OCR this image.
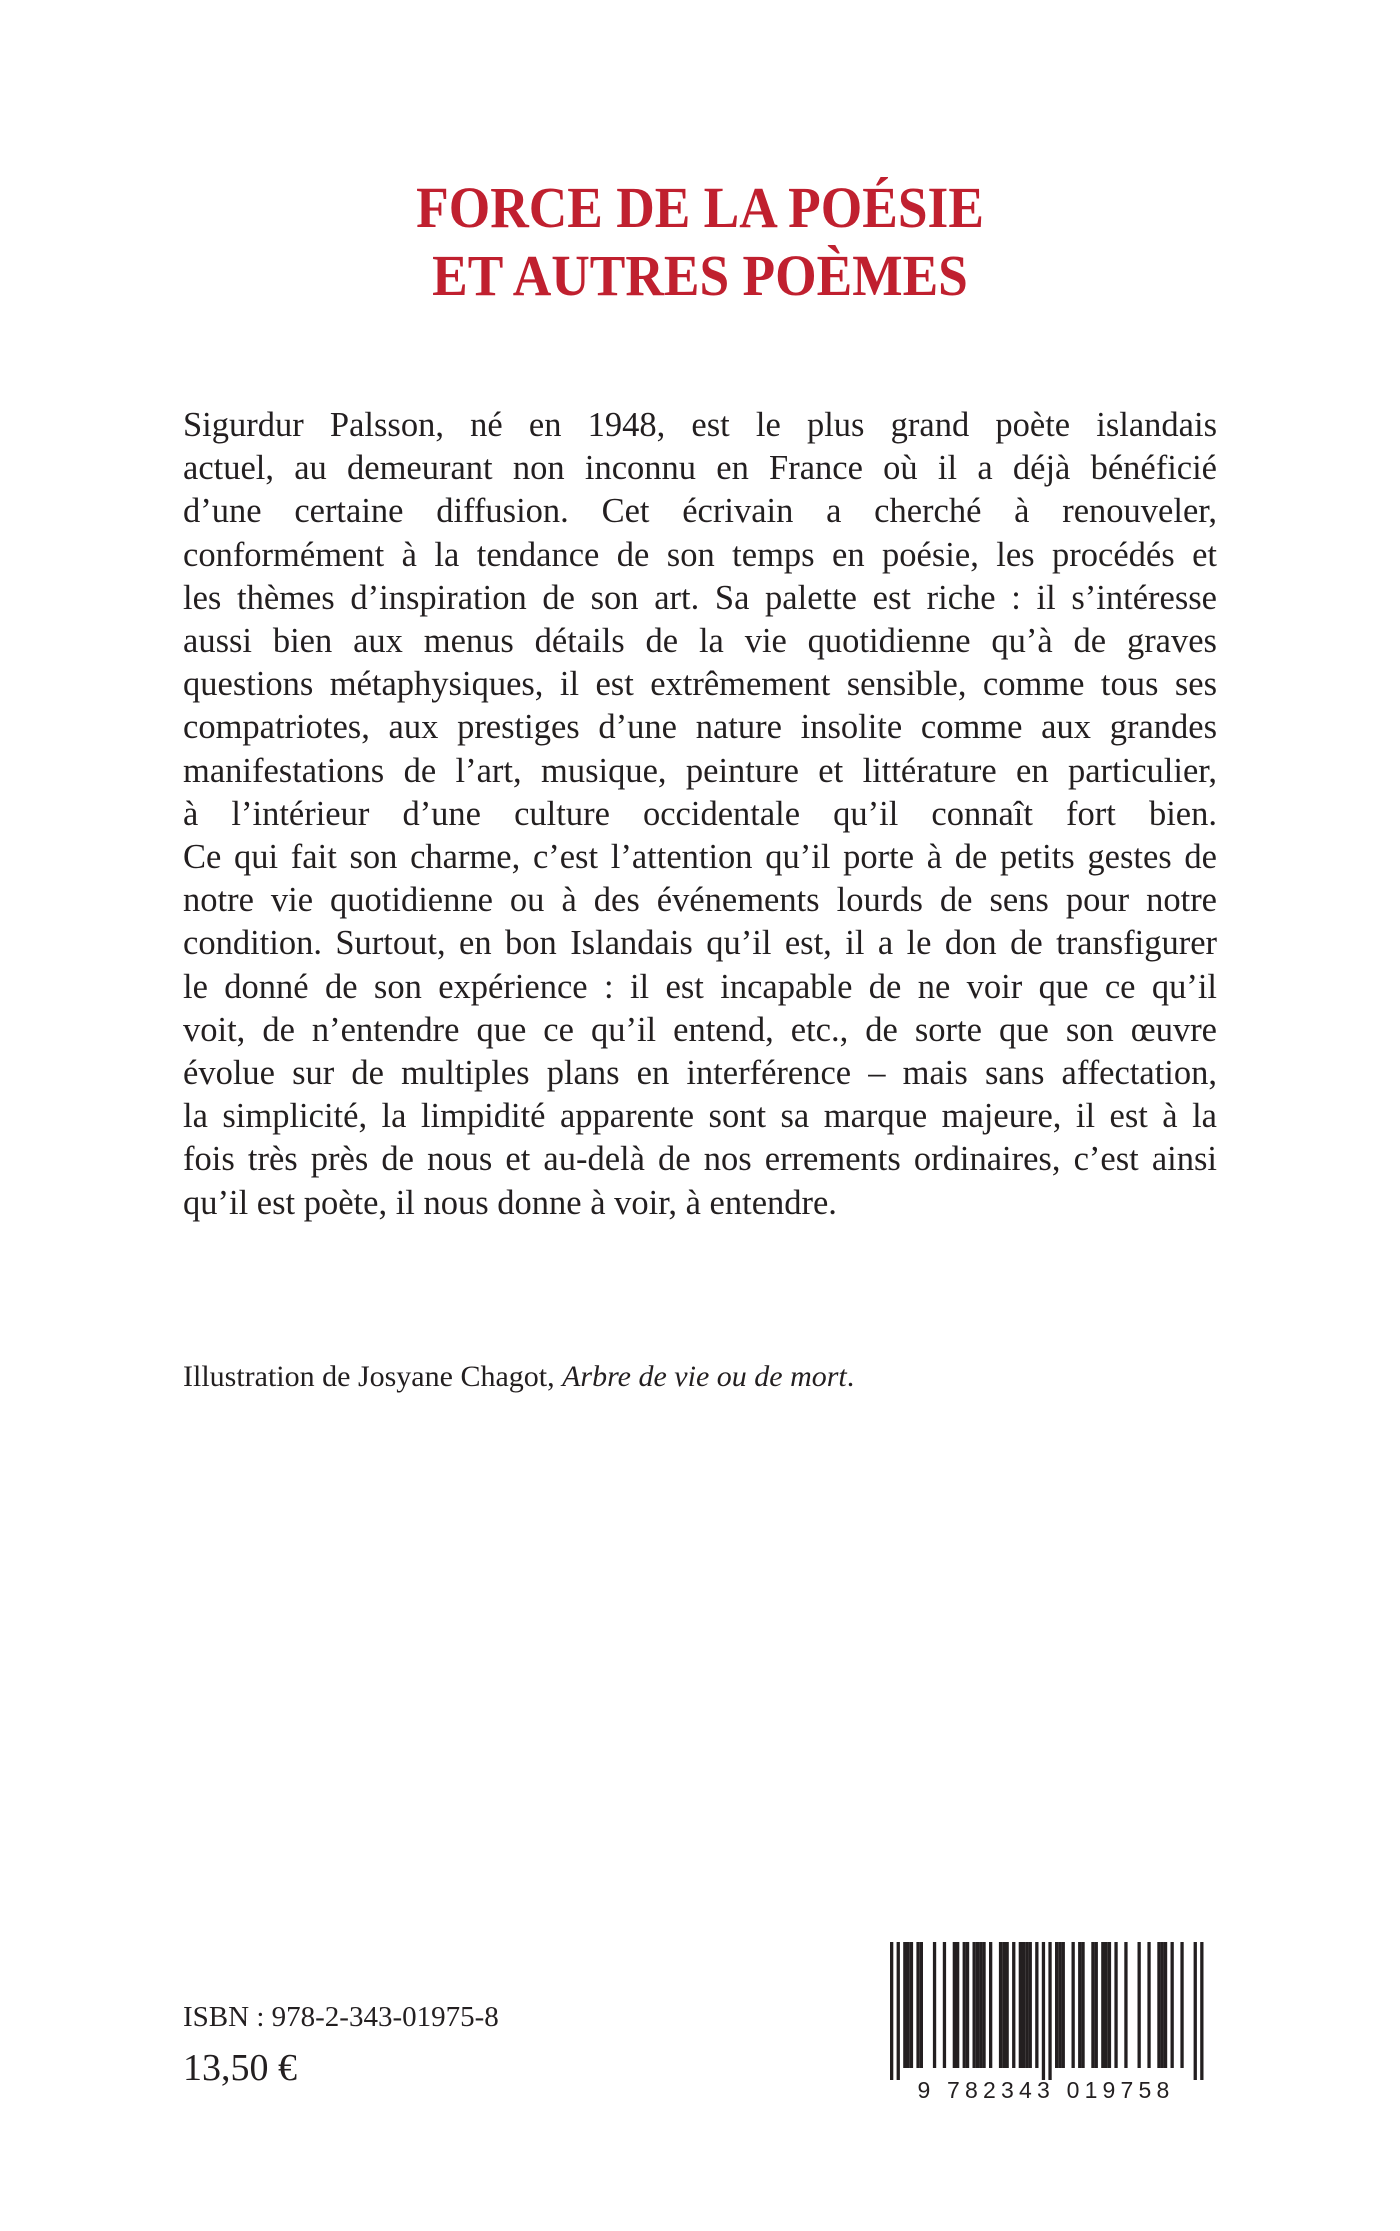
FORCE DE LA POÉSIE
ET AUTRES POÈMES

Sigurdur Palsson, né en 1948, est le plus grand poète islandais
actuel, au demeurant non inconnu en France où il a déjà bénéficié
d’une certaine diffusion. Cet écrivain a cherché à renouveler,
conformément à la tendance de son temps en poésie, les procédés et
les thèmes d’inspiration de son art. Sa palette est riche : il s’intéresse
aussi bien aux menus détails de la vie quotidienne qu’à de graves
questions métaphysiques, il est extrêmement sensible, comme tous ses
compatriotes, aux prestiges d’une nature insolite comme aux grandes
manifestations de l’art, musique, peinture et littérature en particulier,
à l’intérieur d’une culture occidentale qu’il connaît fort bien.
Ce qui fait son charme, c’est l’attention qu’il porte à de petits gestes de
notre vie quotidienne ou à des événements lourds de sens pour notre
condition. Surtout, en bon Islandais qu’il est, il a le don de transfigurer
le donné de son expérience : il est incapable de ne voir que ce qu’il
voit, de n’entendre que ce qu’il entend, etc., de sorte que son œuvre
évolue sur de multiples plans en interférence – mais sans affectation,
la simplicité, la limpidité apparente sont sa marque majeure, il est à la
fois très près de nous et au-delà de nos errements ordinaires, c’est ainsi
qu’il est poète, il nous donne à voir, à entendre.

Illustration de Josyane Chagot, Arbre de vie ou de mort.

ISBN : 978-2-343-01975-8

13,50 €

9 782343 019758
